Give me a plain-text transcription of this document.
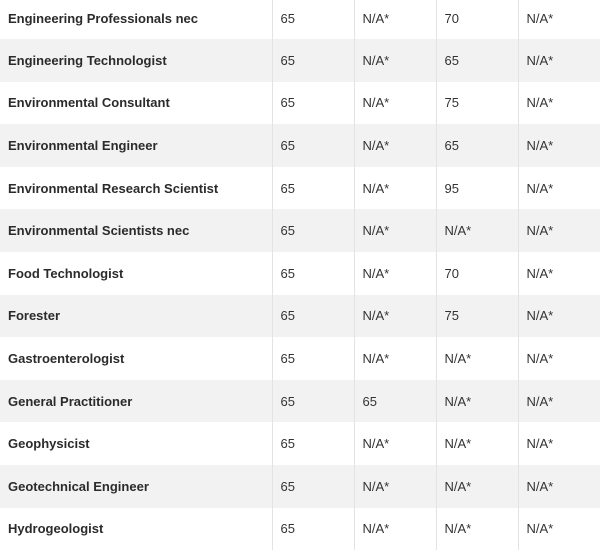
Engineering Professionals nec	65	N/A*	70	N/A*
Engineering Technologist	65	N/A*	65	N/A*
Environmental Consultant	65	N/A*	75	N/A*
Environmental Engineer	65	N/A*	65	N/A*
Environmental Research Scientist	65	N/A*	95	N/A*
Environmental Scientists nec	65	N/A*	N/A*	N/A*
Food Technologist	65	N/A*	70	N/A*
Forester	65	N/A*	75	N/A*
Gastroenterologist	65	N/A*	N/A*	N/A*
General Practitioner	65	65	N/A*	N/A*
Geophysicist	65	N/A*	N/A*	N/A*
Geotechnical Engineer	65	N/A*	N/A*	N/A*
Hydrogeologist	65	N/A*	N/A*	N/A*
